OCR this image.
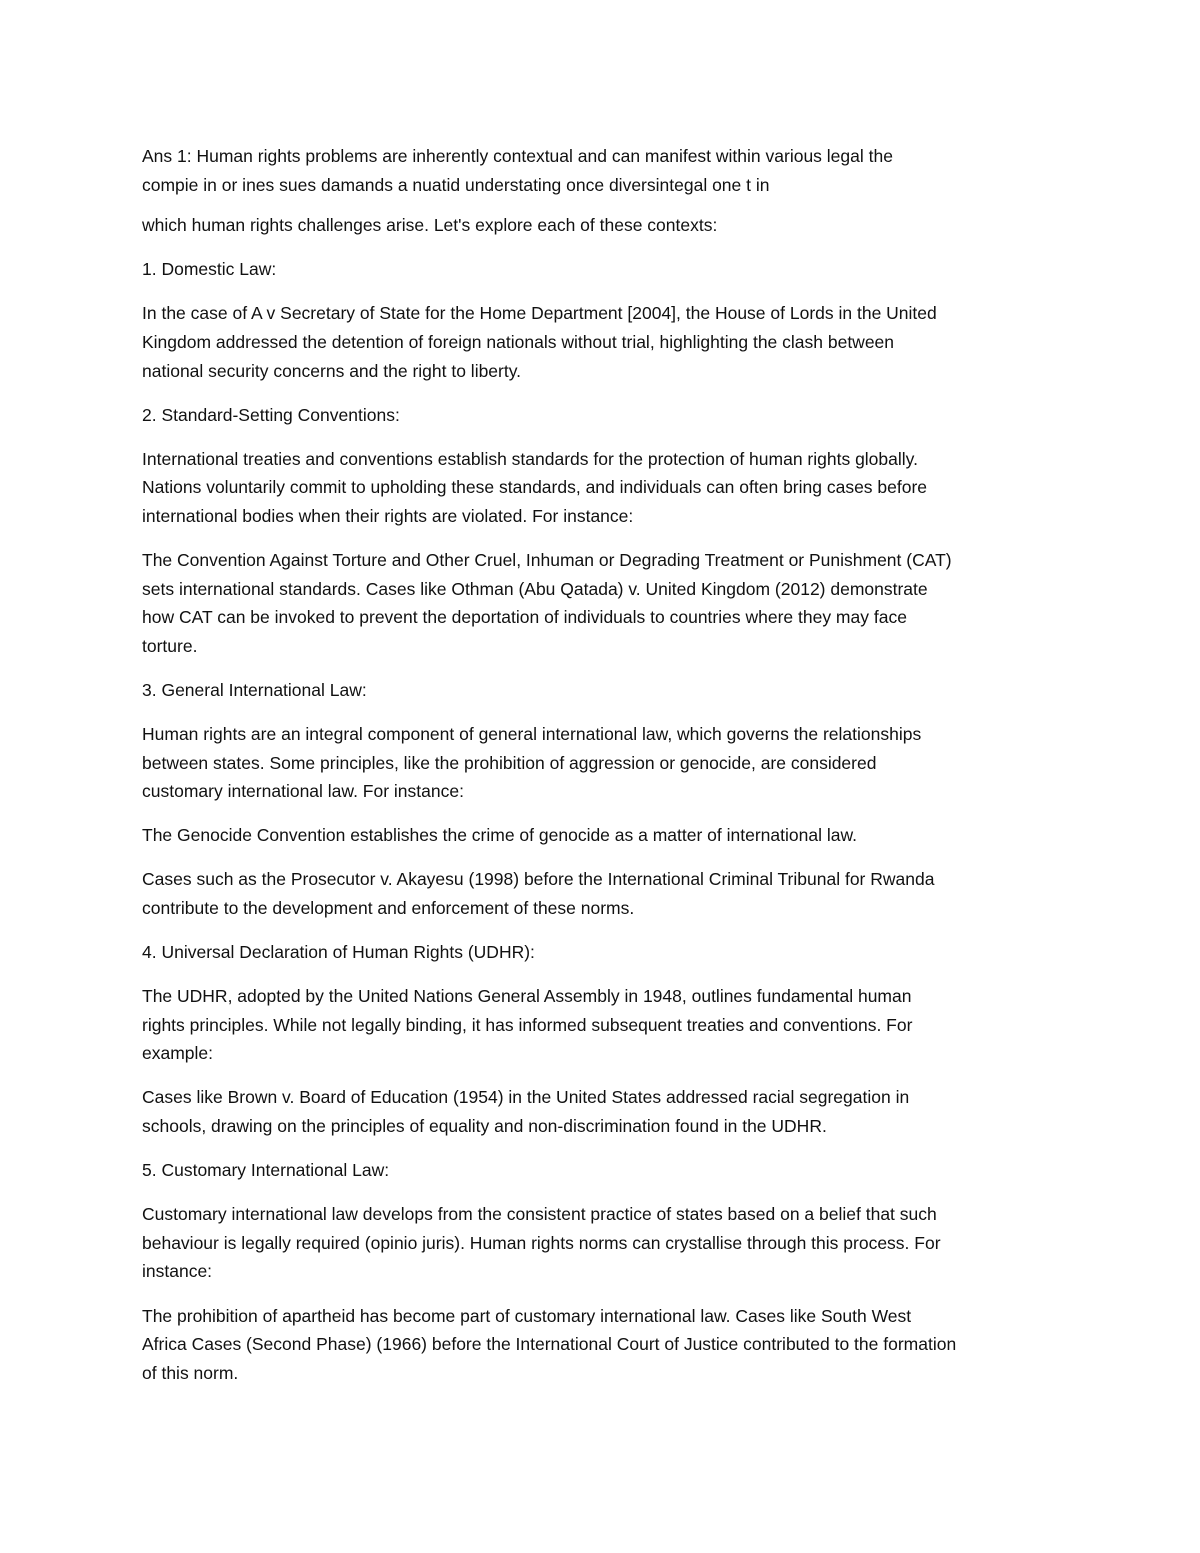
Ans 1: Human rights problems are inherently contextual and can manifest within various legal the
compie in or ines sues damands a nuatid understating once diversintegal one t in

which human rights challenges arise. Let's explore each of these contexts:

1. Domestic Law:

In the case of A v Secretary of State for the Home Department [2004], the House of Lords in the United
Kingdom addressed the detention of foreign nationals without trial, highlighting the clash between
national security concerns and the right to liberty.

2. Standard-Setting Conventions:

International treaties and conventions establish standards for the protection of human rights globally.
Nations voluntarily commit to upholding these standards, and individuals can often bring cases before
international bodies when their rights are violated. For instance:

The Convention Against Torture and Other Cruel, Inhuman or Degrading Treatment or Punishment (CAT)
sets international standards. Cases like Othman (Abu Qatada) v. United Kingdom (2012) demonstrate
how CAT can be invoked to prevent the deportation of individuals to countries where they may face
torture.

3. General International Law:

Human rights are an integral component of general international law, which governs the relationships
between states. Some principles, like the prohibition of aggression or genocide, are considered
customary international law. For instance:

The Genocide Convention establishes the crime of genocide as a matter of international law.

Cases such as the Prosecutor v. Akayesu (1998) before the International Criminal Tribunal for Rwanda
contribute to the development and enforcement of these norms.

4. Universal Declaration of Human Rights (UDHR):

The UDHR, adopted by the United Nations General Assembly in 1948, outlines fundamental human
rights principles. While not legally binding, it has informed subsequent treaties and conventions. For
example:

Cases like Brown v. Board of Education (1954) in the United States addressed racial segregation in
schools, drawing on the principles of equality and non-discrimination found in the UDHR.

5. Customary International Law:

Customary international law develops from the consistent practice of states based on a belief that such
behaviour is legally required (opinio juris). Human rights norms can crystallise through this process. For
instance:

The prohibition of apartheid has become part of customary international law. Cases like South West
Africa Cases (Second Phase) (1966) before the International Court of Justice contributed to the formation
of this norm.
